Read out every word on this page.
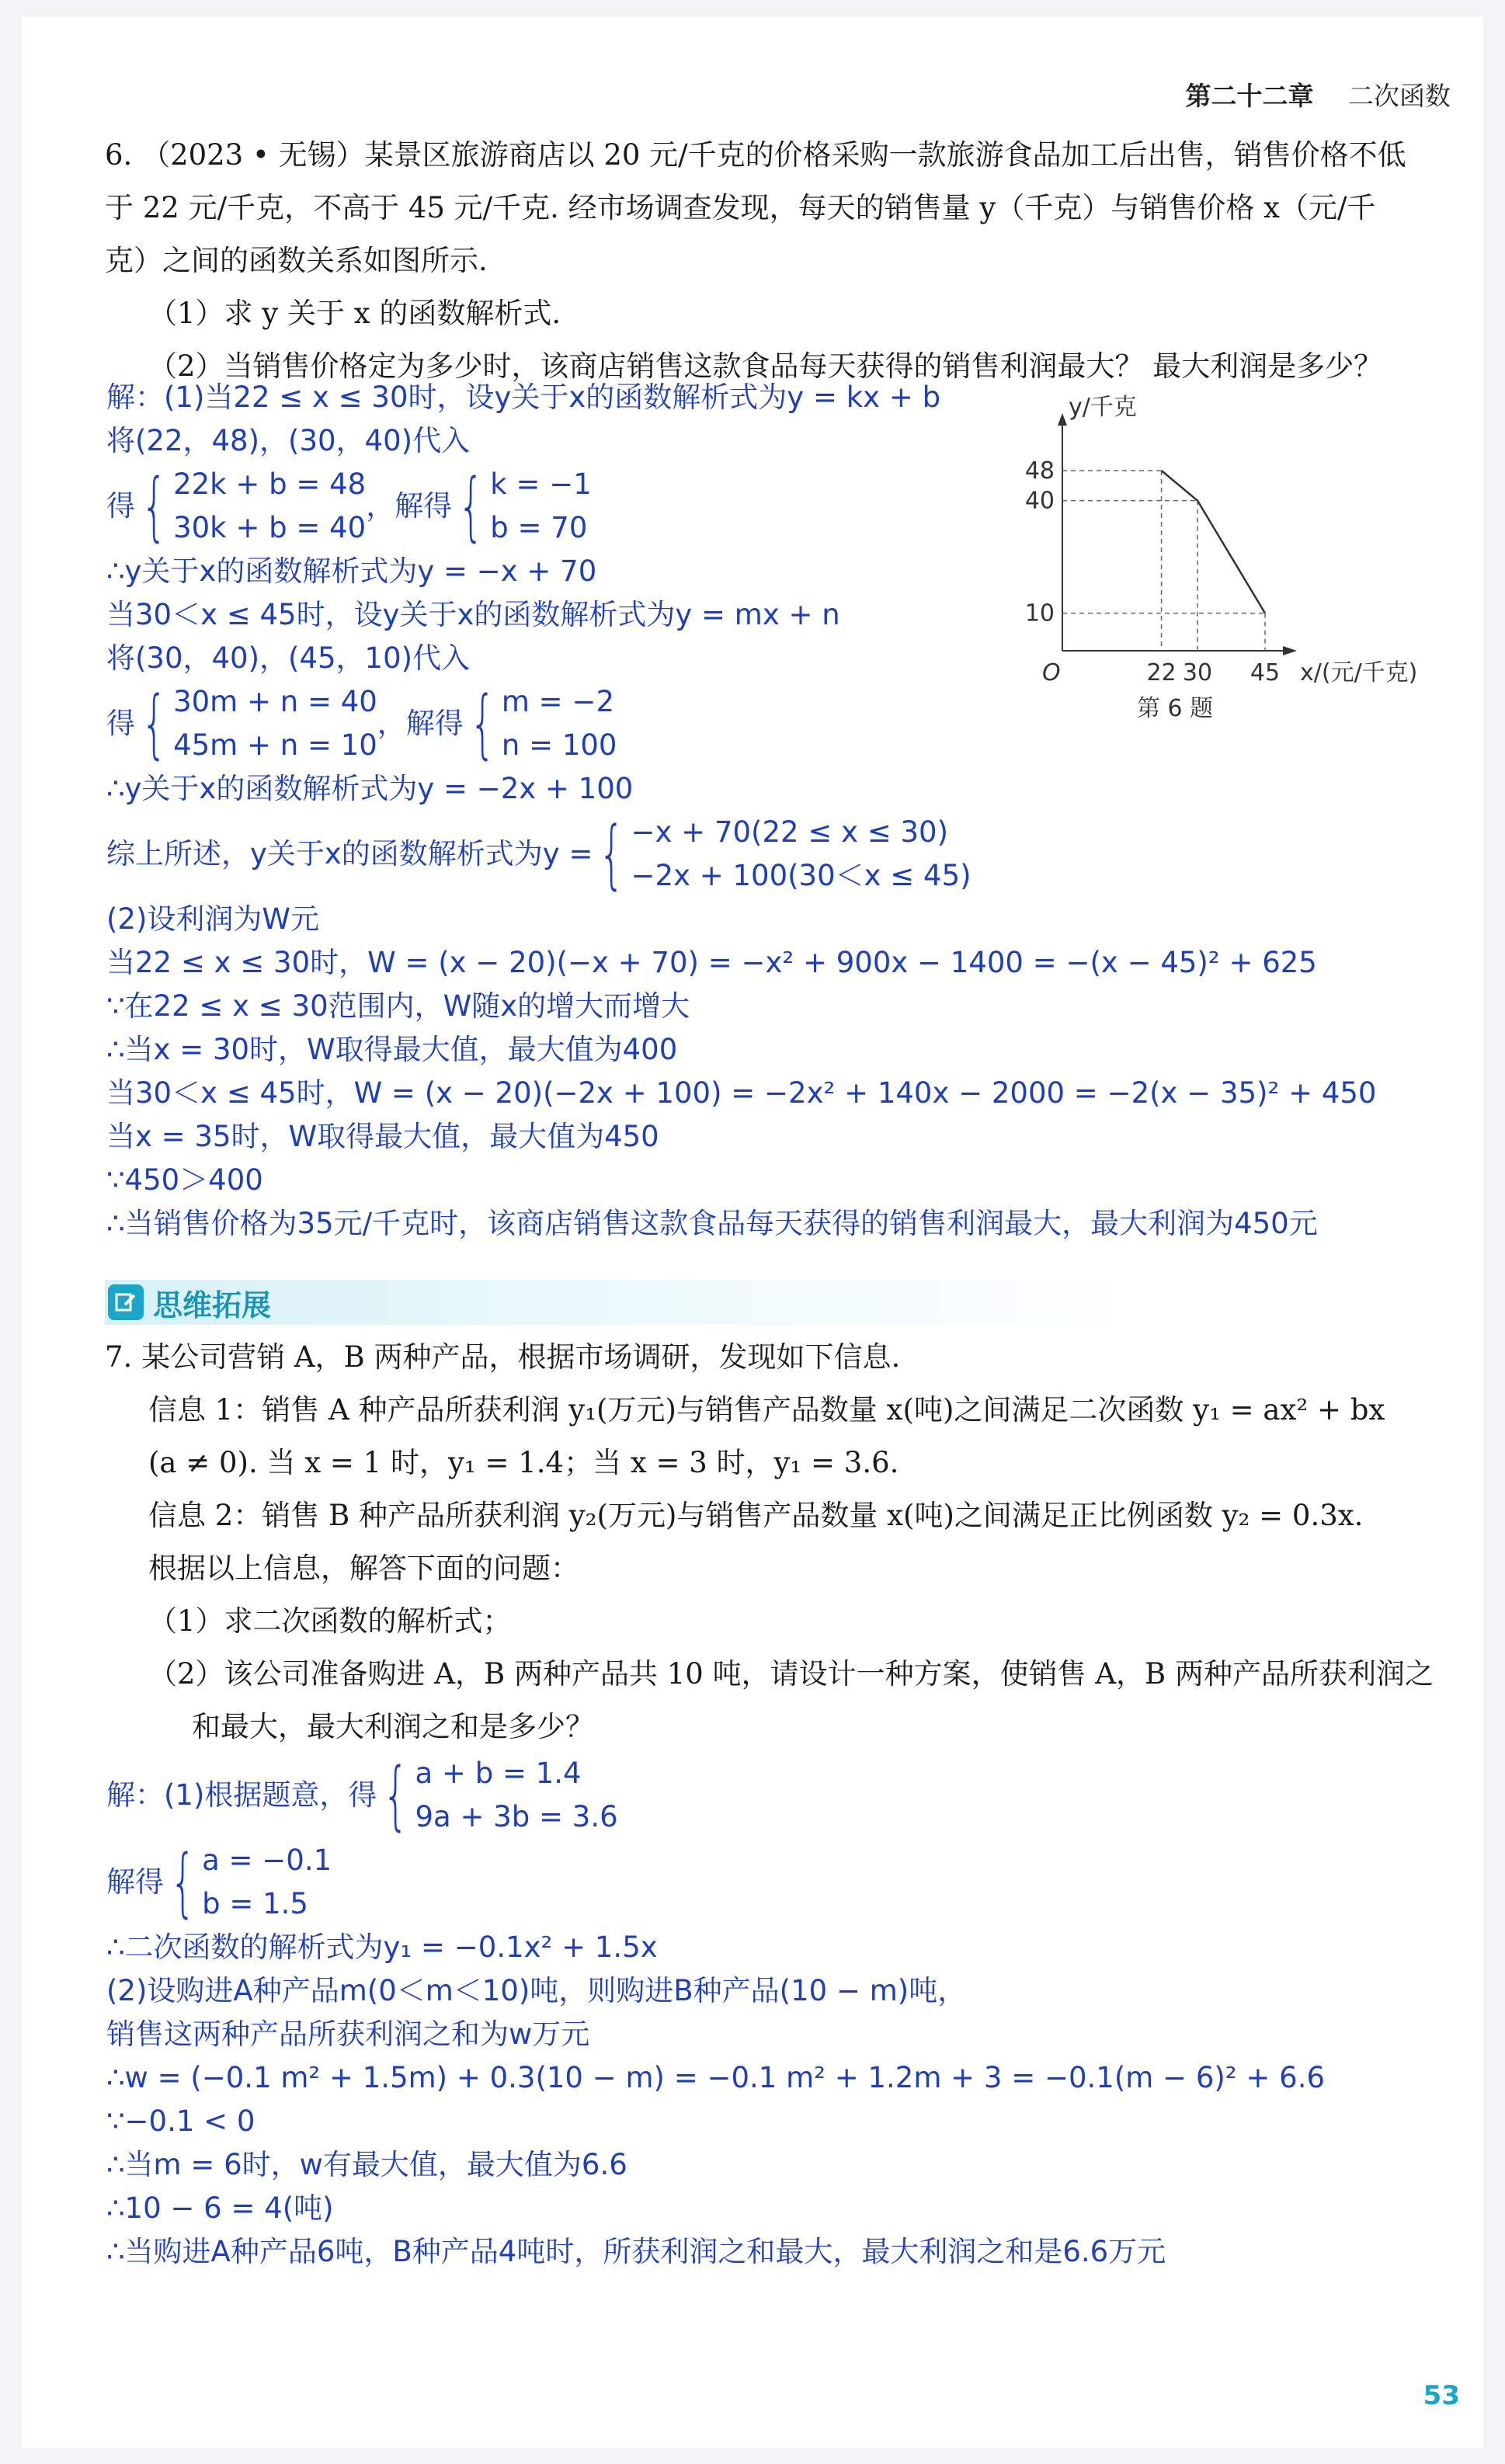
第二十二章 二次函数
6. （2023 • 无锡）某景区旅游商店以 20 元/千克的价格采购一款旅游食品加工后出售，销售价格不低
于 22 元/千克，不高于 45 元/千克. 经市场调查发现，每天的销售量 y（千克）与销售价格 x（元/千
克）之间的函数关系如图所示.
（1）求 y 关于 x 的函数解析式.
（2）当销售价格定为多少时，该商店销售这款食品每天获得的销售利润最大？ 最大利润是多少？
解：(1)当22 ≤ x ≤ 30时，设y关于x的函数解析式为y = kx + b
将(22，48)，(30，40)代入
得 { 22k + b = 48
30k + b = 40
，解得 { k = −1
b = 70
∴y关于x的函数解析式为y = −x + 70
当30＜x ≤ 45时，设y关于x的函数解析式为y = mx + n
将(30，40)，(45，10)代入
得 { 30m + n = 40
45m + n = 10
，解得 { m = −2
n = 100
∴y关于x的函数解析式为y = −2x + 100
综上所述，y关于x的函数解析式为y = { −x + 70(22 ≤ x ≤ 30)
−2x + 100(30＜x ≤ 45)
(2)设利润为W元
当22 ≤ x ≤ 30时，W = (x − 20)(−x + 70) = −x² + 900x − 1400 = −(x − 45)² + 625
∵在22 ≤ x ≤ 30范围内，W随x的增大而增大
∴当x = 30时，W取得最大值，最大值为400
当30＜x ≤ 45时，W = (x − 20)(−2x + 100) = −2x² + 140x − 2000 = −2(x − 35)² + 450
当x = 35时，W取得最大值，最大值为450
∵450＞400
∴当销售价格为35元/千克时，该商店销售这款食品每天获得的销售利润最大，最大利润为450元
22 30 45
10
40
48
O
y/千克
x/(元/千克)
第 6 题
思维拓展
7. 某公司营销 A，B 两种产品，根据市场调研，发现如下信息.
信息 1：销售 A 种产品所获利润 y₁(万元)与销售产品数量 x(吨)之间满足二次函数 y₁ = ax² + bx
(a ≠ 0). 当 x = 1 时，y₁ = 1.4；当 x = 3 时，y₁ = 3.6.
信息 2：销售 B 种产品所获利润 y₂(万元)与销售产品数量 x(吨)之间满足正比例函数 y₂ = 0.3x.
根据以上信息，解答下面的问题：
（1）求二次函数的解析式；
（2）该公司准备购进 A，B 两种产品共 10 吨，请设计一种方案，使销售 A，B 两种产品所获利润之
和最大，最大利润之和是多少？
解：(1)根据题意，得 { a + b = 1.4
9a + 3b = 3.6
解得 { a = −0.1
b = 1.5
∴二次函数的解析式为y₁ = −0.1x² + 1.5x
(2)设购进A种产品m(0＜m＜10)吨，则购进B种产品(10 − m)吨，
销售这两种产品所获利润之和为w万元
∴w = (−0.1 m² + 1.5m) + 0.3(10 − m) = −0.1 m² + 1.2m + 3 = −0.1(m − 6)² + 6.6
∵−0.1 < 0
∴当m = 6时，w有最大值，最大值为6.6
∴10 − 6 = 4(吨)
∴当购进A种产品6吨，B种产品4吨时，所获利润之和最大，最大利润之和是6.6万元
53
